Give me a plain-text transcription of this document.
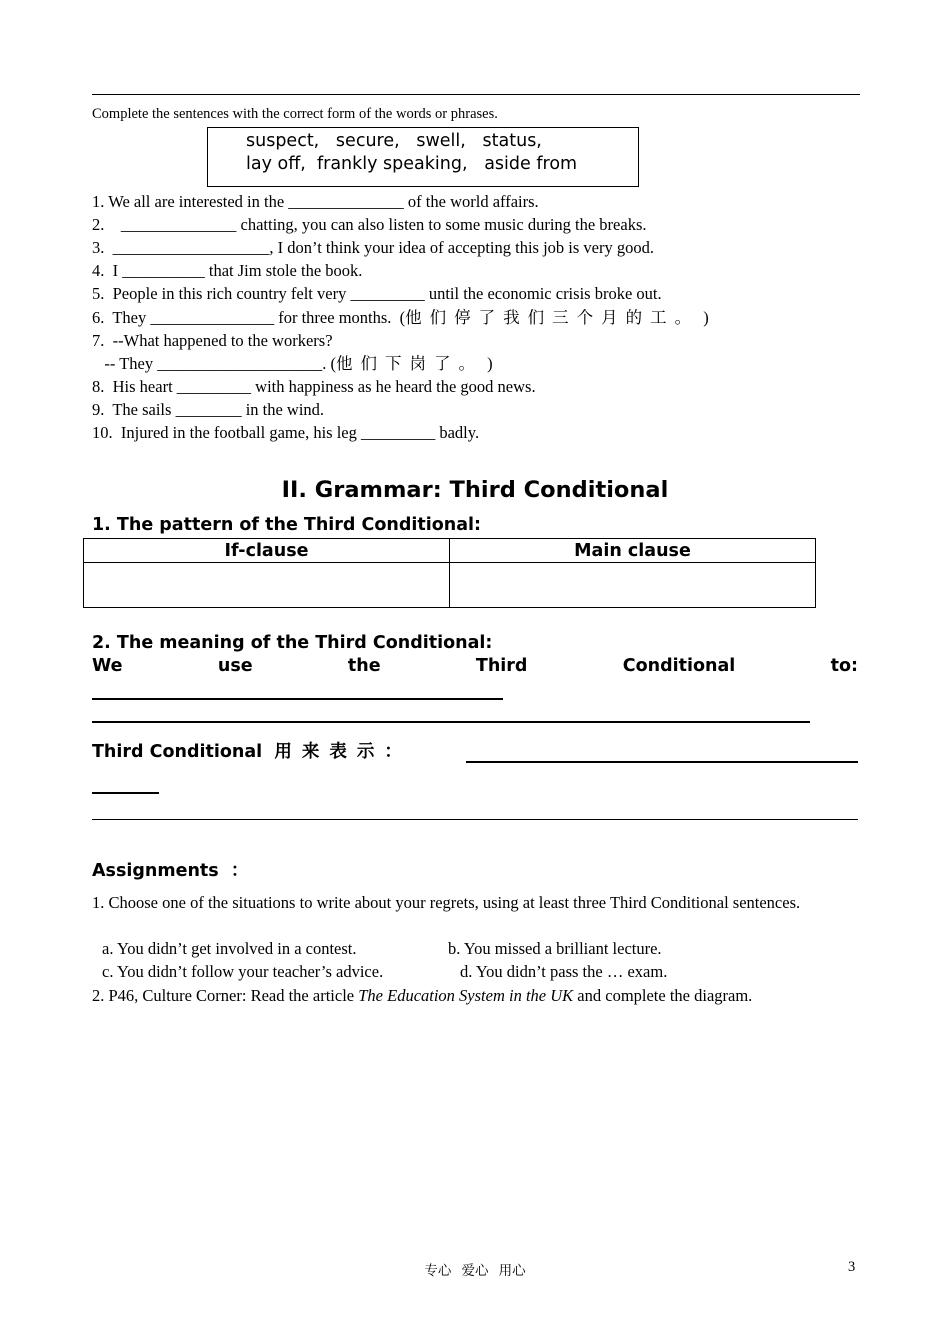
Complete the sentences with the correct form of the words or phrases.
suspect,   secure,   swell,   status,
lay off,  frankly speaking,   aside from
1. We all are interested in the ______________ of the world affairs.
2.    ______________ chatting, you can also listen to some music during the breaks.
3.  ___________________, I don’t think your idea of accepting this job is very good.
4.  I __________ that Jim stole the book.
5.  People in this rich country felt very _________ until the economic crisis broke out.
6.  They _______________ for three months.  (他们停了我们三个月的工。 )
7.  --What happened to the workers?
-- They ____________________. (他们下岗了。 )
8.  His heart _________ with happiness as he heard the good news.
9.  The sails ________ in the wind.
10.  Injured in the football game, his leg _________ badly.
II. Grammar: Third Conditional
1. The pattern of the Third Conditional:
If-clause	Main clause

2. The meaning of the Third Conditional:
We	use	the	Third	Conditional	to:
Third Conditional 用来表示：
Assignments ：
1. Choose one of the situations to write about your regrets, using at least three Third Conditional sentences.
a. You didn’t get involved in a contest.	b. You missed a brilliant lecture.
c. You didn’t follow your teacher’s advice.	d. You didn’t pass the … exam.
2. P46, Culture Corner: Read the article The Education System in the UK and complete the diagram.
专心   爱心   用心	3
